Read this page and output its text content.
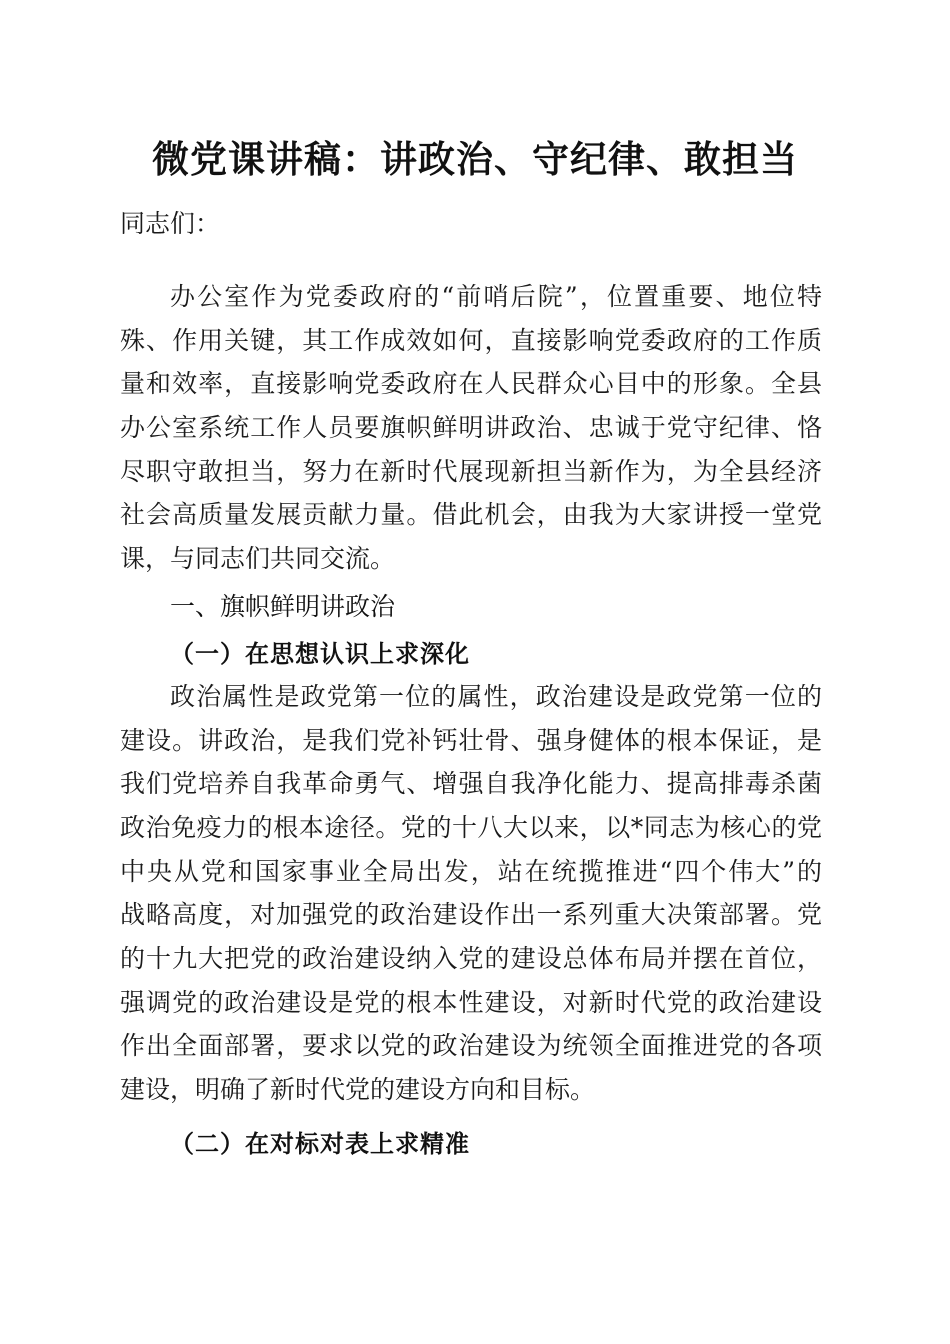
微党课讲稿：讲政治、守纪律、敢担当
同志们：
办公室作为党委政府的“前哨后院”，位置重要、地位特
殊、作用关键，其工作成效如何，直接影响党委政府的工作质
量和效率，直接影响党委政府在人民群众心目中的形象。全县
办公室系统工作人员要旗帜鲜明讲政治、忠诚于党守纪律、恪
尽职守敢担当，努力在新时代展现新担当新作为，为全县经济
社会高质量发展贡献力量。借此机会，由我为大家讲授一堂党
课，与同志们共同交流。
一、旗帜鲜明讲政治
（一）在思想认识上求深化
政治属性是政党第一位的属性，政治建设是政党第一位的
建设。讲政治，是我们党补钙壮骨、强身健体的根本保证，是
我们党培养自我革命勇气、增强自我净化能力、提高排毒杀菌
政治免疫力的根本途径。党的十八大以来，以*同志为核心的党
中央从党和国家事业全局出发，站在统揽推进“四个伟大”的
战略高度，对加强党的政治建设作出一系列重大决策部署。党
的十九大把党的政治建设纳入党的建设总体布局并摆在首位，
强调党的政治建设是党的根本性建设，对新时代党的政治建设
作出全面部署，要求以党的政治建设为统领全面推进党的各项
建设，明确了新时代党的建设方向和目标。
（二）在对标对表上求精准
